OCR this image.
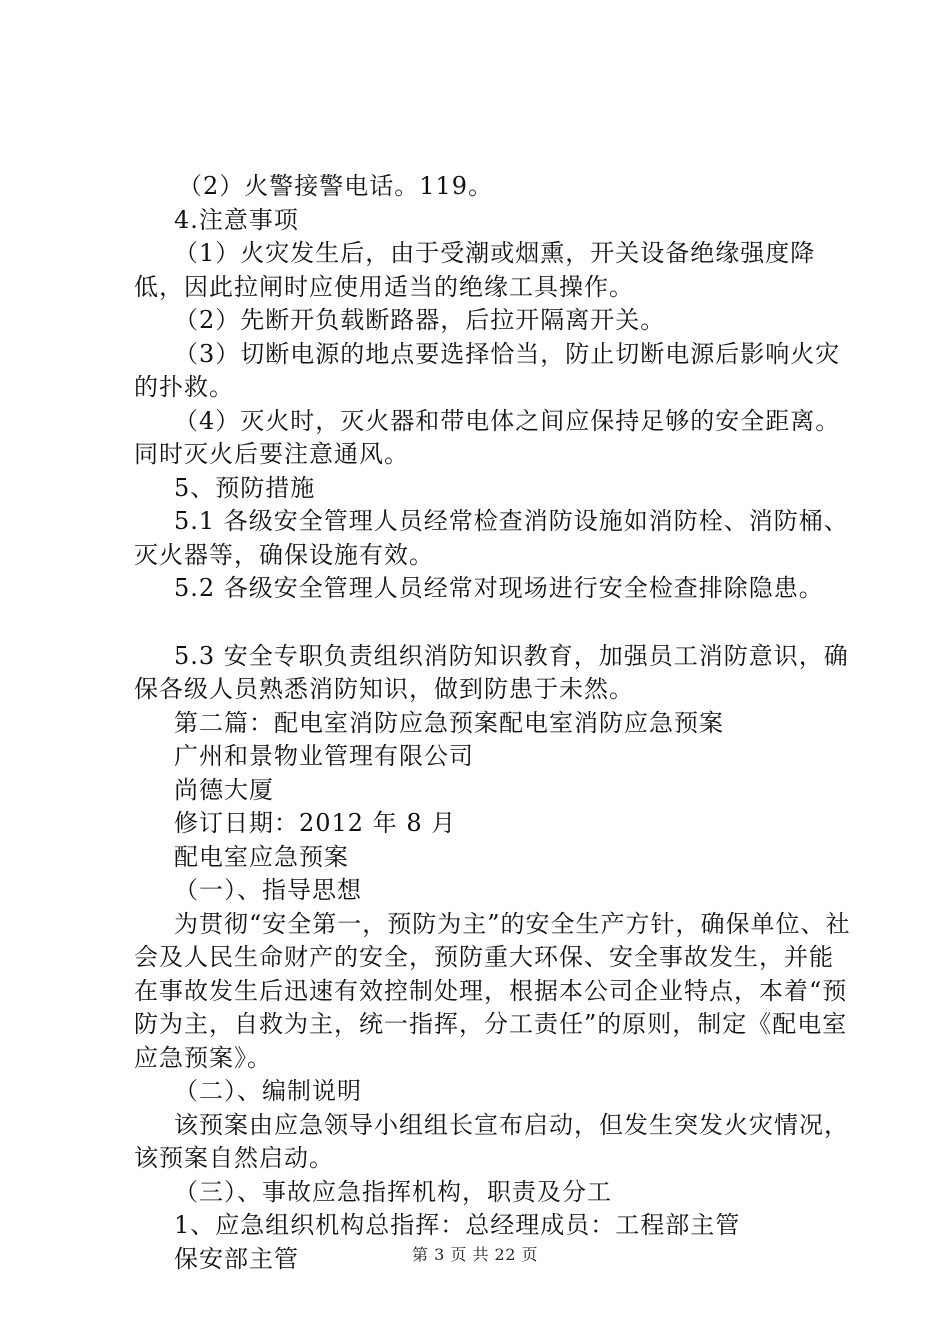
（2）火警接警电话。119。

4.注意事项

（1）火灾发生后，由于受潮或烟熏，开关设备绝缘强度降低，因此拉闸时应使用适当的绝缘工具操作。

（2）先断开负载断路器，后拉开隔离开关。

（3）切断电源的地点要选择恰当，防止切断电源后影响火灾的扑救。

（4）灭火时，灭火器和带电体之间应保持足够的安全距离。同时灭火后要注意通风。

5、预防措施

5.1 各级安全管理人员经常检查消防设施如消防栓、消防桶、灭火器等，确保设施有效。

5.2 各级安全管理人员经常对现场进行安全检查排除隐患。

5.3 安全专职负责组织消防知识教育，加强员工消防意识，确保各级人员熟悉消防知识，做到防患于未然。

第二篇：配电室消防应急预案配电室消防应急预案

广州和景物业管理有限公司

尚德大厦

修订日期：2012 年 8 月

配电室应急预案

（一）、指导思想

为贯彻“安全第一，预防为主”的安全生产方针，确保单位、社会及人民生命财产的安全，预防重大环保、安全事故发生，并能在事故发生后迅速有效控制处理，根据本公司企业特点，本着“预防为主，自救为主，统一指挥，分工责任”的原则，制定《配电室应急预案》。

（二）、编制说明

该预案由应急领导小组组长宣布启动，但发生突发火灾情况，该预案自然启动。

（三）、事故应急指挥机构，职责及分工

1、应急组织机构总指挥：总经理成员：工程部主管

保安部主管	第 3 页 共 22 页
